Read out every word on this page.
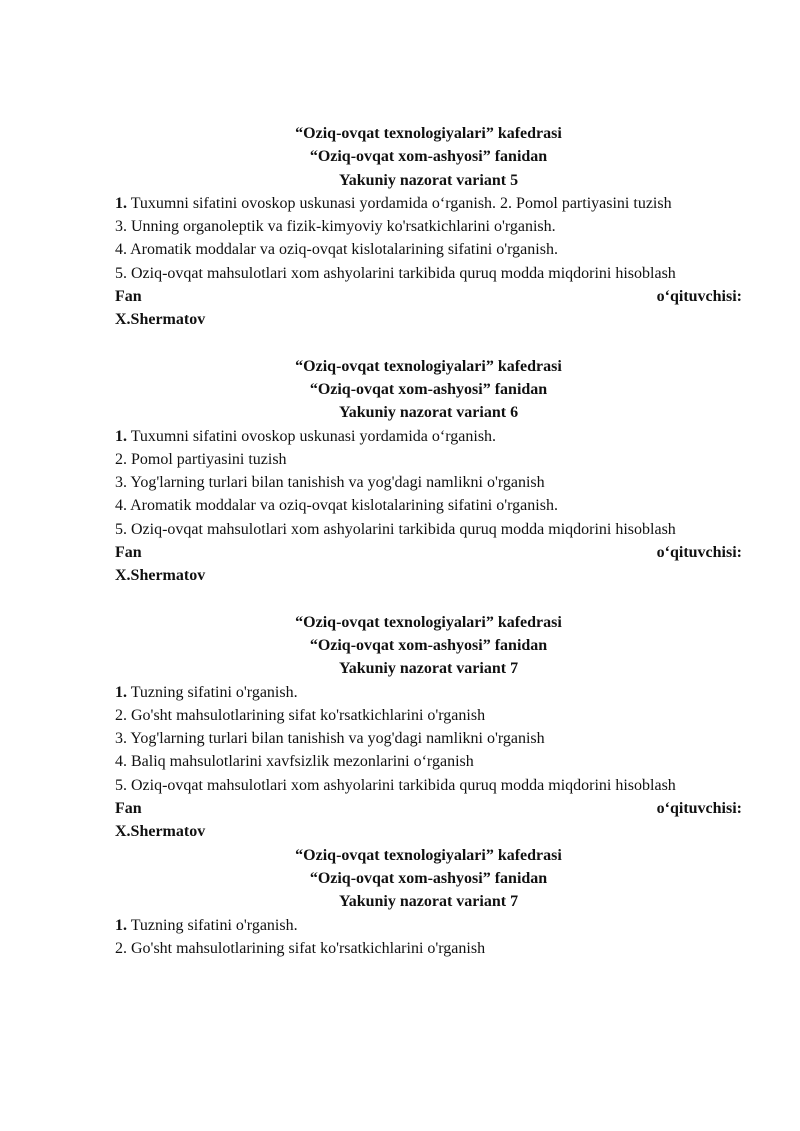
“Oziq-ovqat texnologiyalari” kafedrasi

“Oziq-ovqat xom-ashyosi” fanidan

Yakuniy nazorat variant 5

1. Tuxumni sifatini ovoskop uskunasi yordamida o‘rganish. 2. Pomol partiyasini tuzish

3. Unning organoleptik va fizik-kimyoviy ko'rsatkichlarini o'rganish.

4. Aromatik moddalar va oziq-ovqat kislotalarining sifatini o'rganish.

5. Oziq-ovqat mahsulotlari xom ashyolarini tarkibida quruq modda miqdorini hisoblash

Fan	o‘qituvchisi:

X.Shermatov

“Oziq-ovqat texnologiyalari” kafedrasi

“Oziq-ovqat xom-ashyosi” fanidan

Yakuniy nazorat variant 6

1. Tuxumni sifatini ovoskop uskunasi yordamida o‘rganish.

2. Pomol partiyasini tuzish

3. Yog'larning turlari bilan tanishish va yog'dagi namlikni o'rganish

4. Aromatik moddalar va oziq-ovqat kislotalarining sifatini o'rganish.

5. Oziq-ovqat mahsulotlari xom ashyolarini tarkibida quruq modda miqdorini hisoblash

Fan	o‘qituvchisi:

X.Shermatov

“Oziq-ovqat texnologiyalari” kafedrasi

“Oziq-ovqat xom-ashyosi” fanidan

Yakuniy nazorat variant 7

1. Tuzning sifatini o'rganish.

2. Go'sht mahsulotlarining sifat ko'rsatkichlarini o'rganish

3. Yog'larning turlari bilan tanishish va yog'dagi namlikni o'rganish

4. Baliq mahsulotlarini xavfsizlik mezonlarini o‘rganish

5. Oziq-ovqat mahsulotlari xom ashyolarini tarkibida quruq modda miqdorini hisoblash

Fan	o‘qituvchisi:

X.Shermatov

“Oziq-ovqat texnologiyalari” kafedrasi

“Oziq-ovqat xom-ashyosi” fanidan

Yakuniy nazorat variant 7

1. Tuzning sifatini o'rganish.

2. Go'sht mahsulotlarining sifat ko'rsatkichlarini o'rganish
